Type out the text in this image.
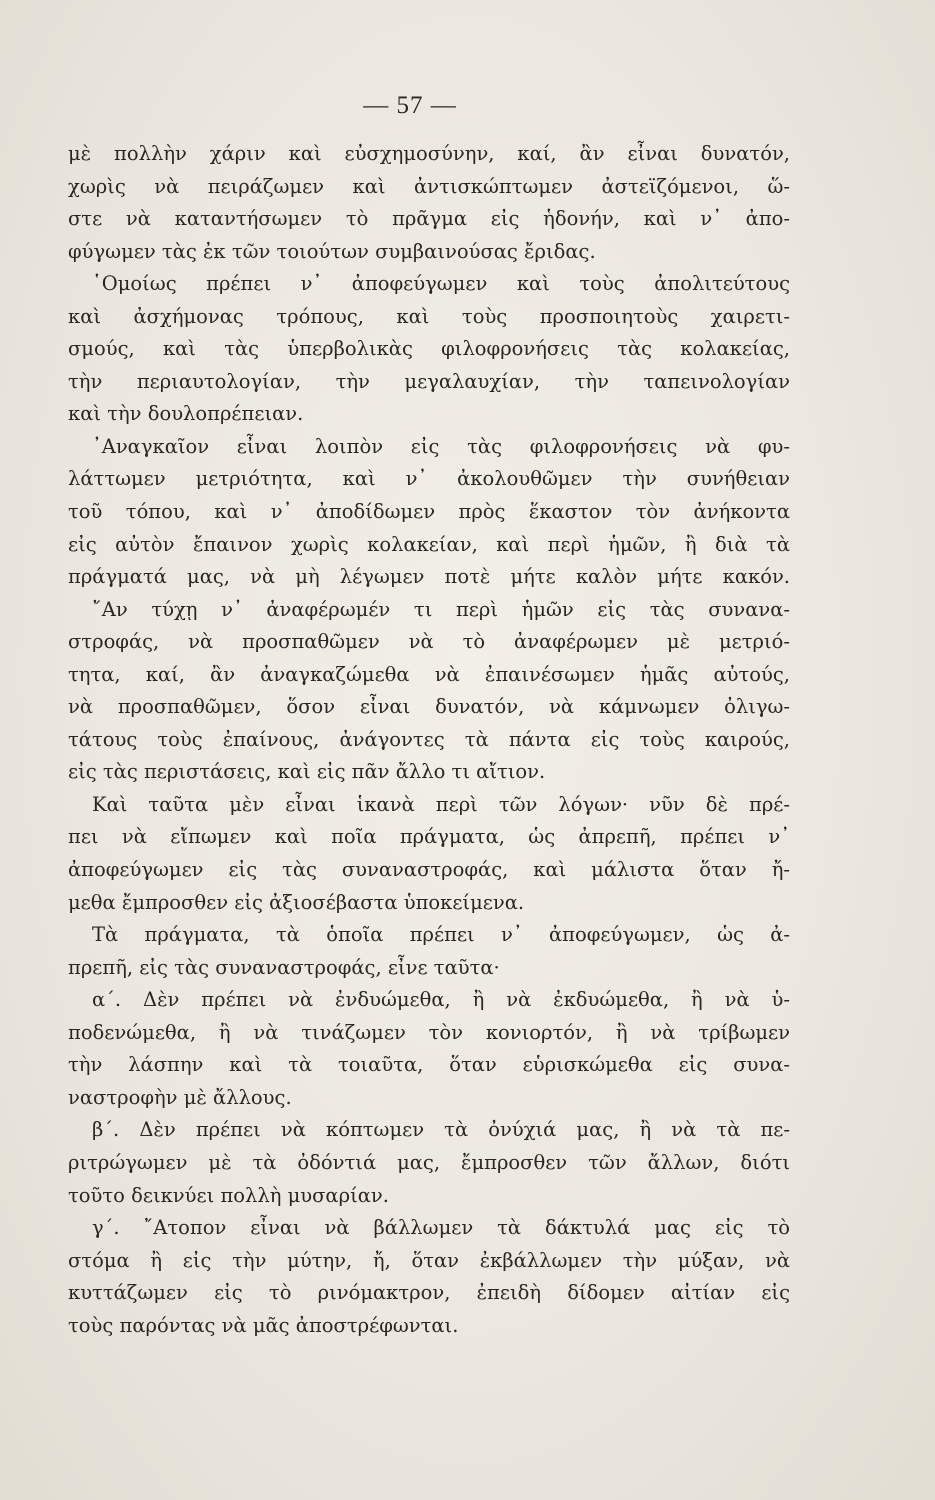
— 57 —
μὲ πολλὴν χάριν καὶ εὐσχημοσύνην, καί, ἂν εἶναι δυνατόν,
χωρὶς νὰ πειράζωμεν καὶ ἀντισκώπτωμεν ἀστεϊζόμενοι, ὥ-
στε νὰ καταντήσωμεν τὸ πρᾶγμα εἰς ἡδονήν, καὶ ν᾿ ἀπο-
φύγωμεν τὰς ἐκ τῶν τοιούτων συμβαινούσας ἔριδας.
῾Ομοίως πρέπει ν᾿ ἀποφεύγωμεν καὶ τοὺς ἀπολιτεύτους
καὶ ἀσχήμονας τρόπους, καὶ τοὺς προσποιητοὺς χαιρετι-
σμούς, καὶ τὰς ὑπερβολικὰς φιλοφρονήσεις τὰς κολακείας,
τὴν περιαυτολογίαν, τὴν μεγαλαυχίαν, τὴν ταπεινολογίαν
καὶ τὴν δουλοπρέπειαν.
᾿Αναγκαῖον εἶναι λοιπὸν εἰς τὰς φιλοφρονήσεις νὰ φυ-
λάττωμεν μετριότητα, καὶ ν᾿ ἀκολουθῶμεν τὴν συνήθειαν
τοῦ τόπου, καὶ ν᾿ ἀποδίδωμεν πρὸς ἕκαστον τὸν ἀνήκοντα
εἰς αὐτὸν ἔπαινον χωρὶς κολακείαν, καὶ περὶ ἡμῶν, ἢ διὰ τὰ
πράγματά μας, νὰ μὴ λέγωμεν ποτὲ μήτε καλὸν μήτε κακόν.
῎Αν τύχῃ ν᾿ ἀναφέρωμέν τι περὶ ἡμῶν εἰς τὰς συνανα-
στροφάς, νὰ προσπαθῶμεν νὰ τὸ ἀναφέρωμεν μὲ μετριό-
τητα, καί, ἂν ἀναγκαζώμεθα νὰ ἐπαινέσωμεν ἡμᾶς αὐτούς,
νὰ προσπαθῶμεν, ὅσον εἶναι δυνατόν, νὰ κάμνωμεν ὀλιγω-
τάτους τοὺς ἐπαίνους, ἀνάγοντες τὰ πάντα εἰς τοὺς καιρούς,
εἰς τὰς περιστάσεις, καὶ εἰς πᾶν ἄλλο τι αἴτιον.
Καὶ ταῦτα μὲν εἶναι ἱκανὰ περὶ τῶν λόγων· νῦν δὲ πρέ-
πει νὰ εἴπωμεν καὶ ποῖα πράγματα, ὡς ἀπρεπῆ, πρέπει ν᾿
ἀποφεύγωμεν εἰς τὰς συναναστροφάς, καὶ μάλιστα ὅταν ἤ-
μεθα ἔμπροσθεν εἰς ἀξιοσέβαστα ὑποκείμενα.
Τὰ πράγματα, τὰ ὁποῖα πρέπει ν᾿ ἀποφεύγωμεν, ὡς ἀ-
πρεπῆ, εἰς τὰς συναναστροφάς, εἶνε ταῦτα·
α΄. Δὲν πρέπει νὰ ἐνδυώμεθα, ἢ νὰ ἐκδυώμεθα, ἢ νὰ ὑ-
ποδενώμεθα, ἢ νὰ τινάζωμεν τὸν κονιορτόν, ἢ νὰ τρίβωμεν
τὴν λάσπην καὶ τὰ τοιαῦτα, ὅταν εὑρισκώμεθα εἰς συνα-
ναστροφὴν μὲ ἄλλους.
β΄. Δὲν πρέπει νὰ κόπτωμεν τὰ ὀνύχιά μας, ἢ νὰ τὰ πε-
ριτρώγωμεν μὲ τὰ ὀδόντιά μας, ἔμπροσθεν τῶν ἄλλων, διότι
τοῦτο δεικνύει πολλὴ μυσαρίαν.
γ΄. ῎Ατοπον εἶναι νὰ βάλλωμεν τὰ δάκτυλά μας εἰς τὸ
στόμα ἢ εἰς τὴν μύτην, ἤ, ὅταν ἐκβάλλωμεν τὴν μύξαν, νὰ
κυττάζωμεν εἰς τὸ ρινόμακτρον, ἐπειδὴ δίδομεν αἰτίαν εἰς
τοὺς παρόντας νὰ μᾶς ἀποστρέφωνται.
